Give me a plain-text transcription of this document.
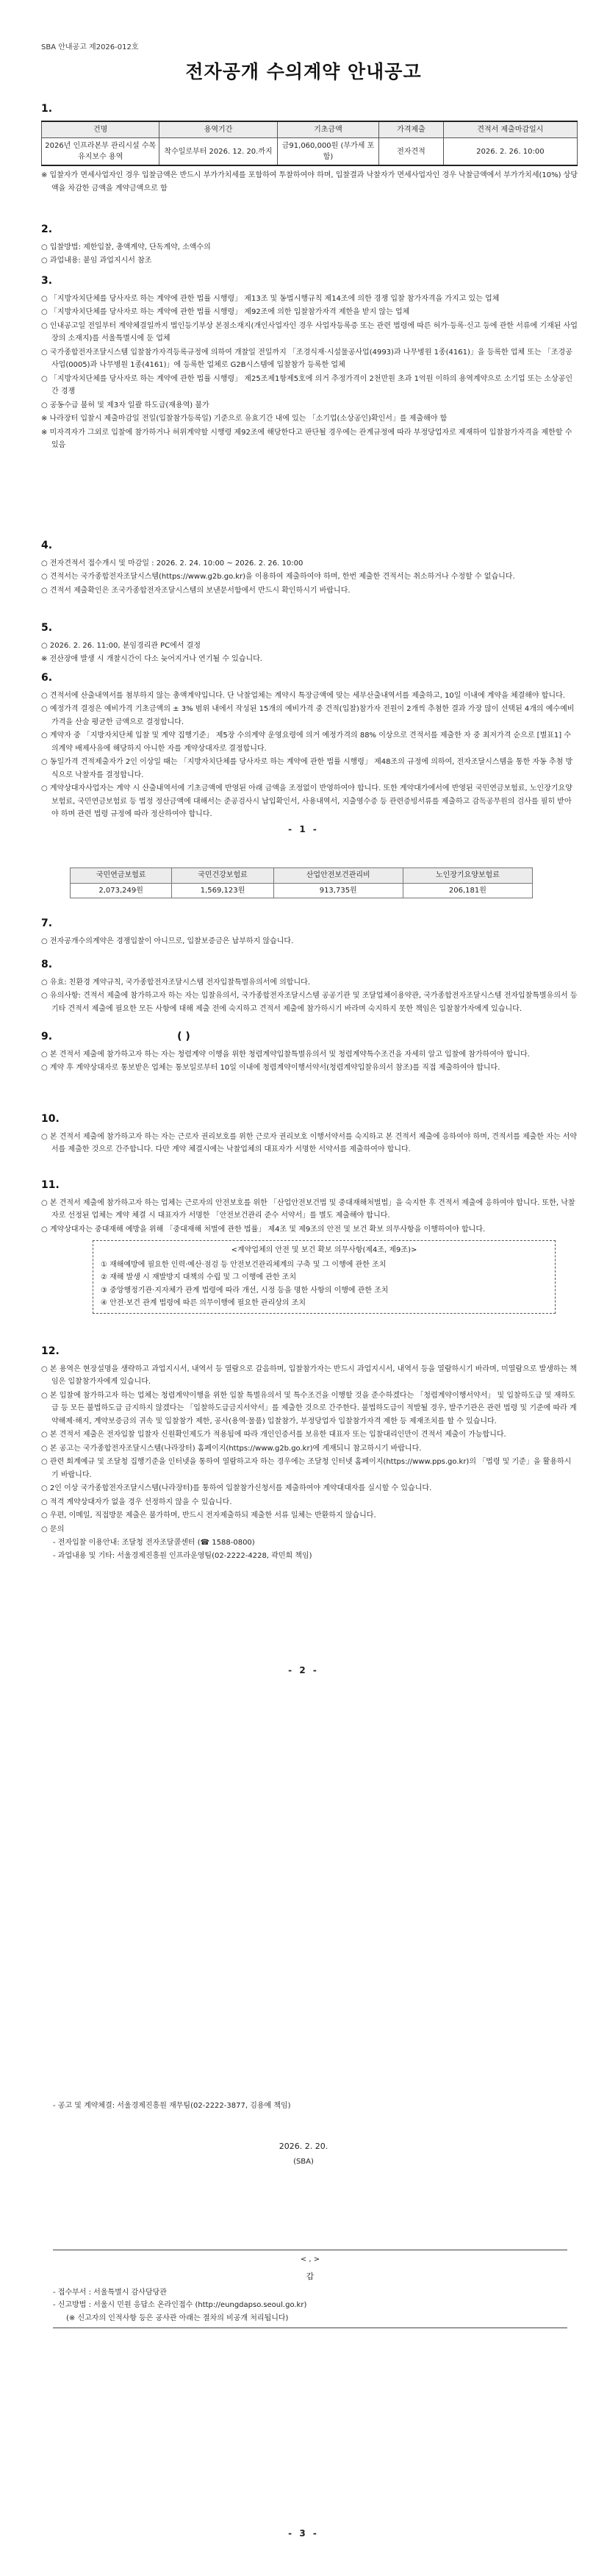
SBA 안내공고 제2026-012호
전자공개 수의계약 안내공고
1.
건명	용역기간	기초금액	가격제출	견적서 제출마감일시
2026년 인프라본부 관리시설 수목유지보수 용역	착수일로부터 2026. 12. 20.까지	금91,060,000원 (부가세 포함)	전자견적	2026. 2. 26. 10:00
※ 입찰자가 면세사업자인 경우 입찰금액은 반드시 부가가치세를 포함하여 투찰하여야 하며, 입찰결과 낙찰자가 면세사업자인 경우 낙찰금액에서 부가가치세(10%) 상당액을 차감한 금액을 계약금액으로 함
2.
○ 입찰방법: 제한입찰, 총액계약, 단독계약, 소액수의
○ 과업내용: 붙임 과업지시서 참조
3.
○ 「지방자치단체를 당사자로 하는 계약에 관한 법률 시행령」 제13조 및 동법시행규칙 제14조에 의한 경쟁 입찰 참가자격을 가지고 있는 업체
○ 「지방자치단체를 당사자로 하는 계약에 관한 법률 시행령」 제92조에 의한 입찰참가자격 제한을 받지 않는 업체
○ 인내공고일 전일부터 계약체결일까지 법인등기부상 본점소재지(개인사업자인 경우 사업자등록증 또는 관련 법령에 따른 허가·등록·신고 등에 관한 서류에 기재된 사업장의 소재지)를 서울특별시에 둔 업체
○ 국가종합전자조달시스템 입찰참가자격등록규정에 의하여 개찰일 전일까지 「조경식재·시설물공사업(4993)과 나무병원 1종(4161)」을 등록한 업체 또는 「조경공사업(0005)과 나무병원 1종(4161)」에 등록한 업체로 G2B시스템에 입찰참가 등록한 업체
○ 「지방자치단체를 당사자로 하는 계약에 관한 법률 시행령」 제25조제1항제5호에 의거 추정가격이 2천만원 초과 1억원 이하의 용역계약으로 소기업 또는 소상공인 간 경쟁
○ 공동수급 불허 및 제3자 일괄 하도급(재용역) 불가
※ 나라장터 입찰시 제출마감일 전일(입찰참가등록일) 기준으로 유효기간 내에 있는 「소기업(소상공인)확인서」를 제출해야 함
※ 미자격자가 그외로 입찰에 참가하거나 허위계약할 시행령 제92조에 해당한다고 판단될 경우에는 관계규정에 따라 부정당업자로 제재하여 입찰참가자격을 제한할 수 있음
4.
○ 전자견적서 접수개시 및 마감일 : 2026. 2. 24. 10:00 ~ 2026. 2. 26. 10:00
○ 견적서는 국가종합전자조달시스템(https://www.g2b.go.kr)을 이용하여 제출하여야 하며, 한번 제출한 견적서는 취소하거나 수정할 수 없습니다.
○ 견적서 제출확인은 조국가종합전자조달시스템의 보낸문서함에서 반드시 확인하시기 바랍니다.
5.
○ 2026. 2. 26. 11:00, 분임경리관 PC에서 결정
※ 전산장애 발생 시 개찰시간이 다소 늦어지거나 연기될 수 있습니다.
6.
○ 견적서에 산출내역서를 첨부하지 않는 총액계약입니다. 단 낙찰업체는 계약시 특장금액에 맞는 세부산출내역서를 제출하고, 10일 이내에 계약을 체결해야 합니다.
○ 예정가격 결정은 예비가격 기초금액의 ± 3% 범위 내에서 작성된 15개의 예비가격 중 견적(입찰)참가자 전원이 2개씩 추첨한 결과 가장 많이 선택된 4개의 예수예비가격을 산술 평균한 금액으로 결정합니다.
○ 계약자 중 「지방자치단체 입찰 및 계약 집행기준」 제5장 수의계약 운영요령에 의거 예정가격의 88% 이상으로 견적서를 제출한 자 중 최저가격 순으로 [별표1] 수의계약 배제사유에 해당하지 아니한 자를 계약상대자로 결정합니다.
○ 동일가격 견적제출자가 2인 이상일 때는 「지방자치단체를 당사자로 하는 계약에 관한 법률 시행령」 제48조의 규정에 의하여, 전자조달시스템을 통한 자동 추첨 방식으로 낙찰자를 결정합니다.
○ 계약상대자사업자는 계약 시 산출내역서에 기초금액에 반영된 아래 금액을 조정없이 반영하여야 합니다. 또한 계약대가에서에 반영된 국민연금보험료, 노인장기요양보험료, 국민연금보험료 등 법정 정산금액에 대해서는 준공검사시 납입확인서, 사용내역서, 지출영수증 등 관련증빙서류를 제출하고 감독공무원의 검사를 필히 받아야 하며 관련 법령 규정에 따라 정산하여야 합니다.
- 1 -
국민연금보험료	국민건강보험료	산업안전보건관리비	노인장기요양보험료
2,073,249원	1,569,123원	913,735원	206,181원
7.
○ 전자공개수의계약은 경쟁입찰이 아니므로, 입찰보증금은 납부하지 않습니다.
8.
○ 유효: 친환경 계약규칙, 국가종합전자조달시스템 전자입찰특별유의서에 의합니다.
○ 유의사항: 견적서 제출에 참가하고자 하는 자는 입찰유의서, 국가종합전자조달시스템 공공기관 및 조달업체이용약관, 국가종합전자조달시스템 전자입찰특별유의서 등 기타 견적서 제출에 필요한 모든 사항에 대해 제출 전에 숙지하고 견적서 제출에 참가하시기 바라며 숙지하지 못한 책임은 입찰참가자에게 있습니다.
9.	( )
○ 본 견적서 제출에 참가하고자 하는 자는 청렴계약 이행을 위한 청렴계약입찰특별유의서 및 청렴계약특수조건을 자세히 알고 입찰에 참가하여야 합니다.
○ 계약 후 계약상대자로 통보받은 업체는 통보일로부터 10일 이내에 청렴계약이행서약서(청렴계약입찰유의서 참조)를 직접 제출하여야 합니다.
10.
○ 본 견적서 제출에 참가하고자 하는 자는 근로자 권리보호를 위한 근로자 권리보호 이행서약서를 숙지하고 본 견적서 제출에 응하여야 하며, 견적서를 제출한 자는 서약서를 제출한 것으로 간주합니다. 다만 계약 체결시에는 낙찰업체의 대표자가 서명한 서약서를 제출하여야 합니다.
11.
○ 본 견적서 제출에 참가하고자 하는 업체는 근로자의 안전보호를 위한 「산업안전보건법 및 중대재해처벌법」을 숙지한 후 견적서 제출에 응하여야 합니다. 또한, 낙찰자로 선정된 업체는 계약 체결 시 대표자가 서명한 「안전보건관리 준수 서약서」를 별도 제출해야 합니다.
○ 계약상대자는 중대재해 예방을 위해 「중대재해 처벌에 관한 법률」 제4조 및 제9조의 안전 및 보건 확보 의무사항을 이행하여야 합니다.
<계약업체의 안전 및 보건 확보 의무사항(제4조, 제9조)>
① 재해예방에 필요한 인력·예산·점검 등 안전보건관리체계의 구축 및 그 이행에 관한 조치
② 재해 발생 시 재발방지 대책의 수립 및 그 이행에 관한 조치
③ 중앙행정기관·지자체가 관계 법령에 따라 개선, 시정 등을 명한 사항의 이행에 관한 조치
④ 안전·보건 관계 법령에 따른 의무이행에 필요한 관리상의 조치
12.
○ 본 용역은 현장설명을 생략하고 과업지시서, 내역서 등 열람으로 갈음하며, 입찰참가자는 반드시 과업지시서, 내역서 등을 열람하시기 바라며, 미열람으로 발생하는 책임은 입찰참가자에게 있습니다.
○ 본 입찰에 참가하고자 하는 업체는 청렴계약이행을 위한 입찰 특별유의서 및 특수조건을 이행할 것을 준수하겠다는 「청렴계약이행서약서」 및 입찰하도급 및 재하도급 등 모든 불법하도급 금지하지 않겠다는 「입찰하도급금지서약서」를 제출한 것으로 간주한다. 불법하도급이 적발될 경우, 발주기관은 관련 법령 및 기준에 따라 계약해제·해지, 계약보증금의 귀속 및 입찰참가 제한, 공사(용역·물품) 입찰참가, 부정당업자 입찰참가자격 제한 등 제재조치를 할 수 있습니다.
○ 본 견적서 제출은 전자입찰 입찰자 신원확인제도가 적용됨에 따라 개인인증서를 보유한 대표자 또는 입찰대리인만이 견적서 제출이 가능합니다.
○ 본 공고는 국가종합전자조달시스템(나라장터) 홈페이지(https://www.g2b.go.kr)에 게재되니 참고하시기 바랍니다.
○ 관련 회계예규 및 조달청 집행기준을 인터넷을 통하여 열람하고자 하는 경우에는 조달청 인터넷 홈페이지(https://www.pps.go.kr)의 「법령 및 기준」을 활용하시기 바랍니다.
○ 2인 이상 국가종합전자조달시스템(나라장터)를 통하여 입찰참가신청서를 제출하여야 계약대대자를 실시할 수 있습니다.
○ 적격 계약상대자가 없을 경우 선정하지 않을 수 있습니다.
○ 우편, 이메일, 직접방문 제출은 불가하며, 반드시 전자제출하되 제출한 서류 일체는 반환하지 않습니다.
○ 문의
- 전자입찰 이용안내: 조달청 전자조달콜센터 (☎ 1588-0800)
- 과업내용 및 기타: 서울경제진흥원 인프라운영팀(02-2222-4228, 곽민희 책임)
- 2 -
- 공고 및 계약체결: 서울경제진흥원 재무팀(02-2222-3877, 김용예 책임)
2026. 2. 20.
(SBA)
< , >
갑
- 접수부서 : 서울특별시 감사담당관
- 신고방법 : 서울시 민원 응답소 온라인접수 (http://eungdapso.seoul.go.kr)
(※ 신고자의 인적사항 등은 공사관 아래는 절차의 비공개 처리됩니다)
- 3 -
